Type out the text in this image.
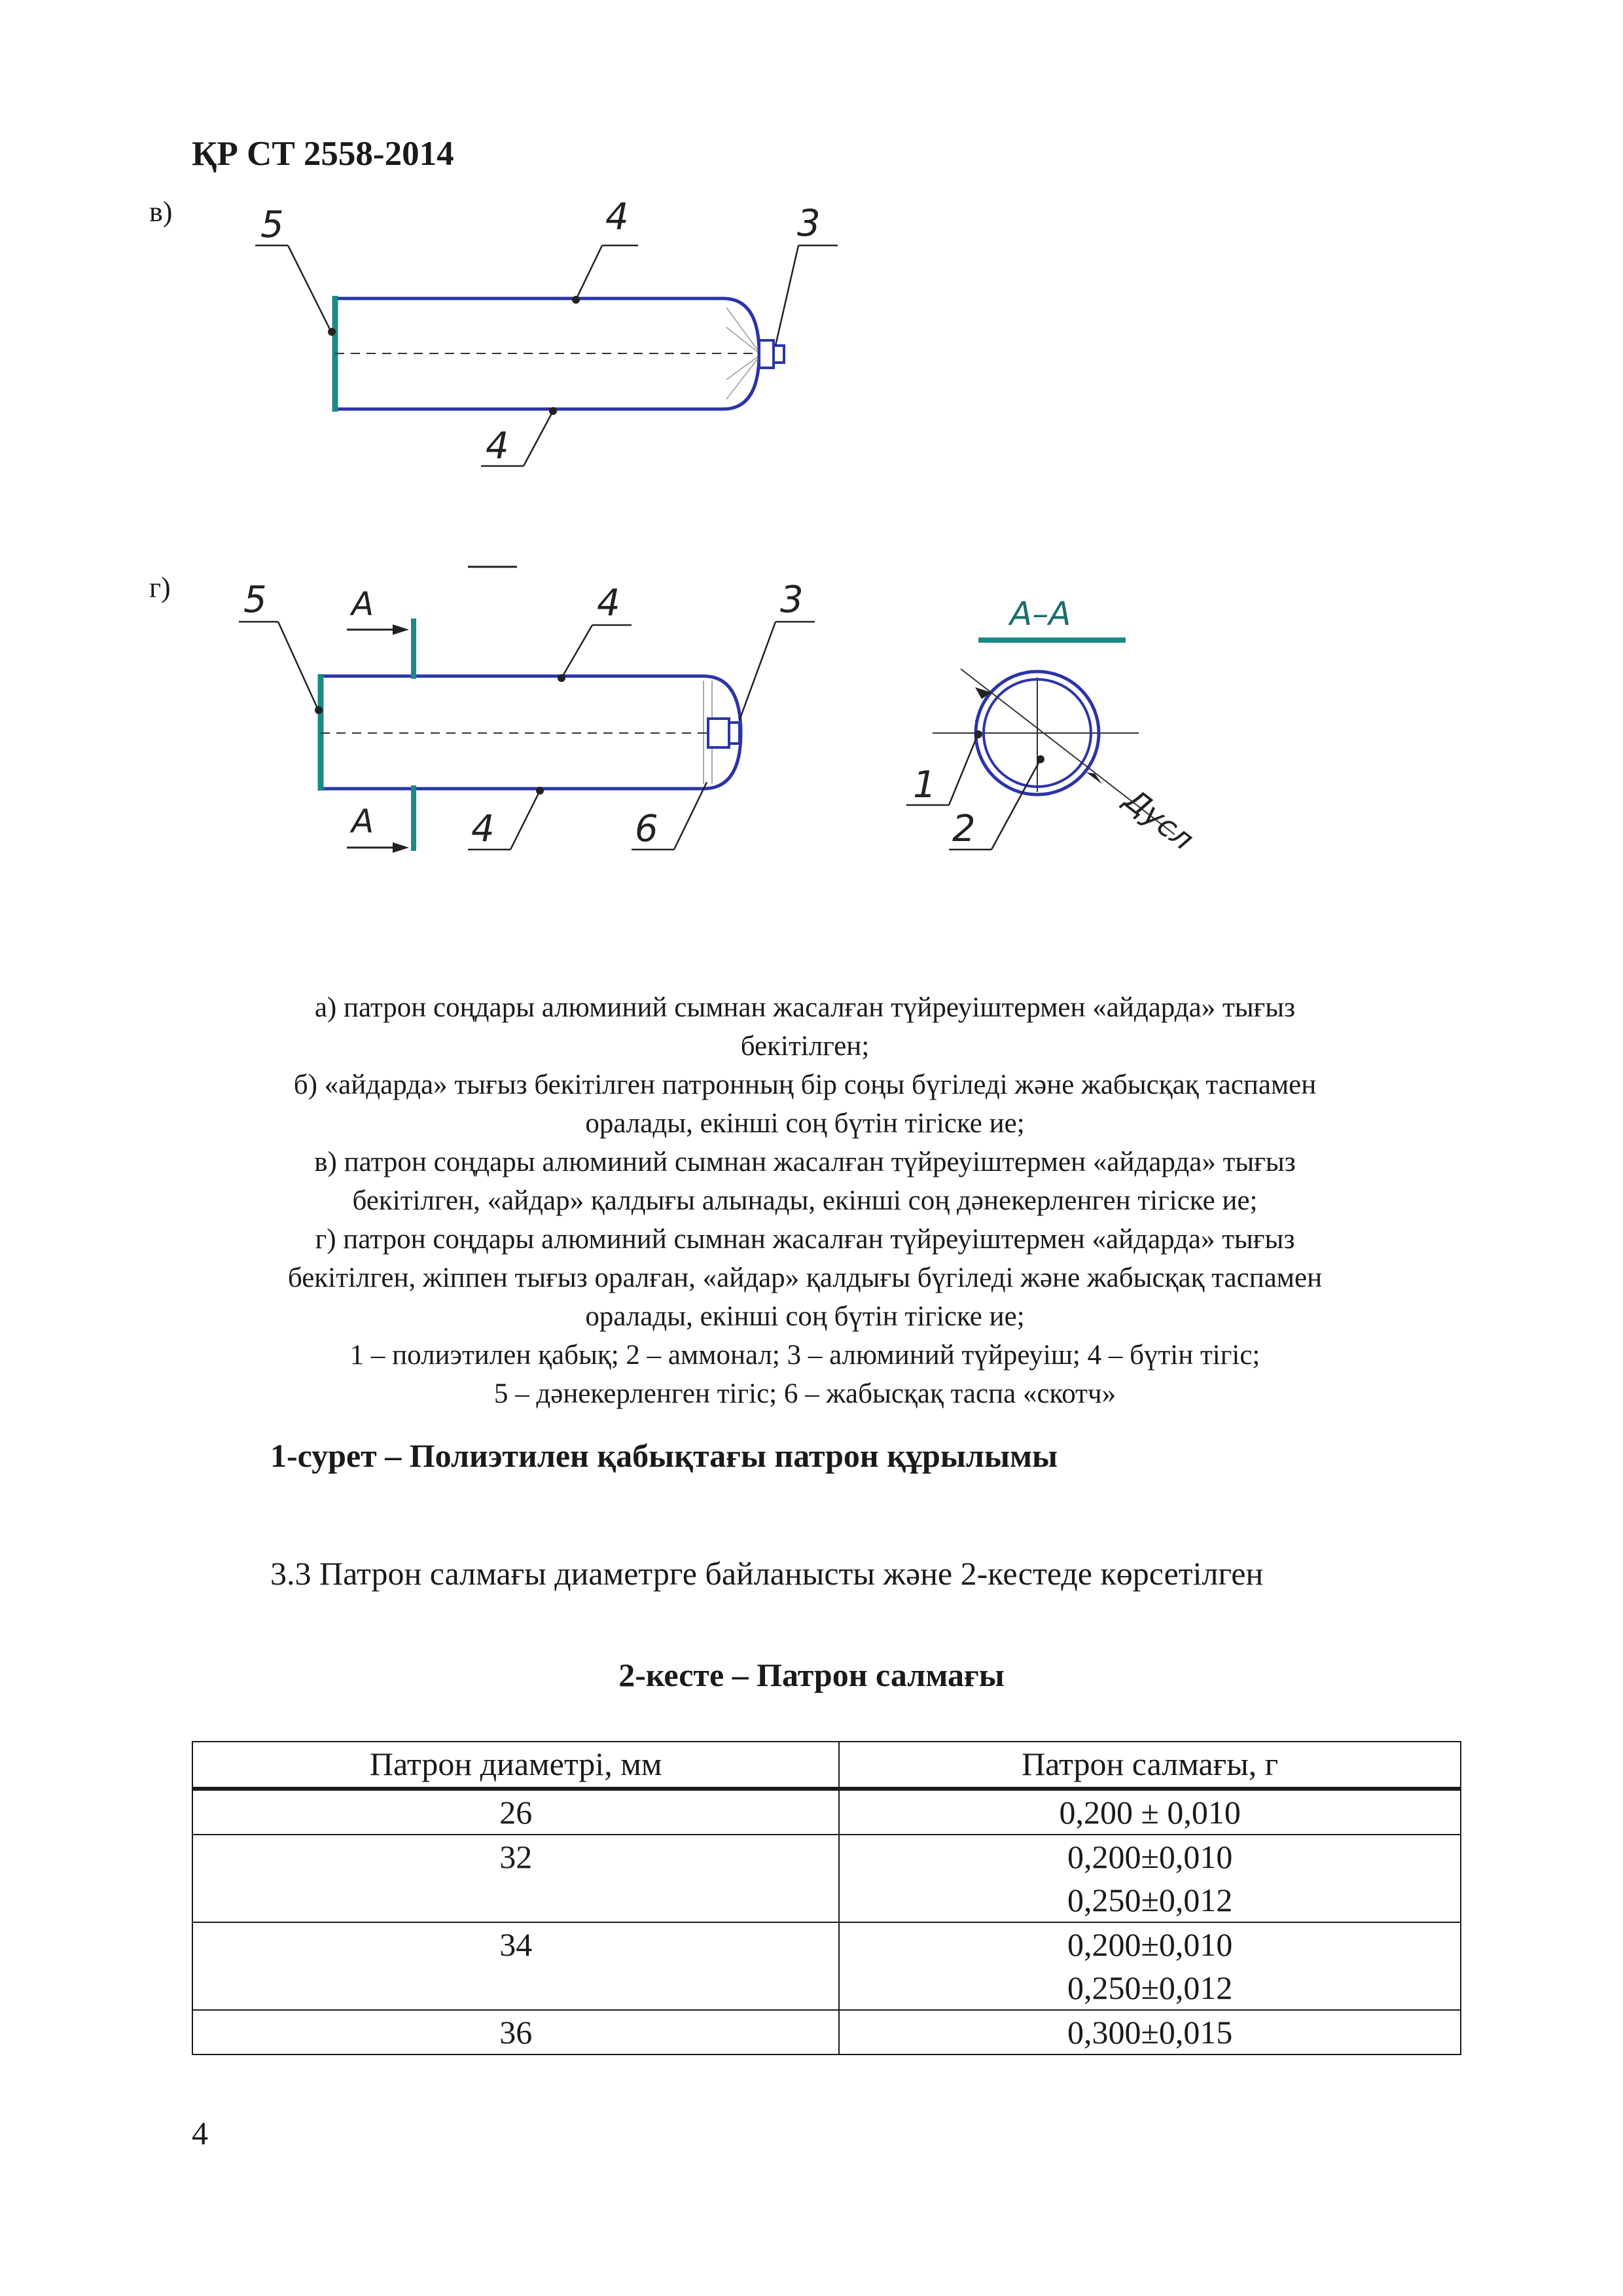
ҚР СТ 2558-2014
в)
г)
5	4	3
4
A
A
5	4	3
4	6
A–A
Дусл
1
2
а) патрон соңдары алюминий сымнан жасалған түйреуіштермен «айдарда» тығыз
бекітілген;
б) «айдарда» тығыз бекітілген патронның бір соңы бүгіледі және жабысқақ таспамен
оралады, екінші соң бүтін тігіске ие;
в) патрон соңдары алюминий сымнан жасалған түйреуіштермен «айдарда» тығыз
бекітілген, «айдар» қалдығы алынады, екінші соң дәнекерленген тігіске ие;
г) патрон соңдары алюминий сымнан жасалған түйреуіштермен «айдарда» тығыз
бекітілген, жіппен тығыз оралған, «айдар» қалдығы бүгіледі және жабысқақ таспамен
оралады, екінші соң бүтін тігіске ие;
1 – полиэтилен қабық; 2 – аммонал; 3 – алюминий түйреуіш; 4 – бүтін тігіс;
5 – дәнекерленген тігіс; 6 – жабысқақ таспа «скотч»
1-сурет – Полиэтилен қабықтағы патрон құрылымы
3.3 Патрон салмағы диаметрге байланысты және 2-кестеде көрсетілген
2-кесте – Патрон салмағы
Патрон диаметрі, мм	Патрон салмағы, г
26	0,200 ± 0,010

32	0,200±0,010
0,250±0,012

34	0,200±0,010
0,250±0,012

36	0,300±0,015
4
